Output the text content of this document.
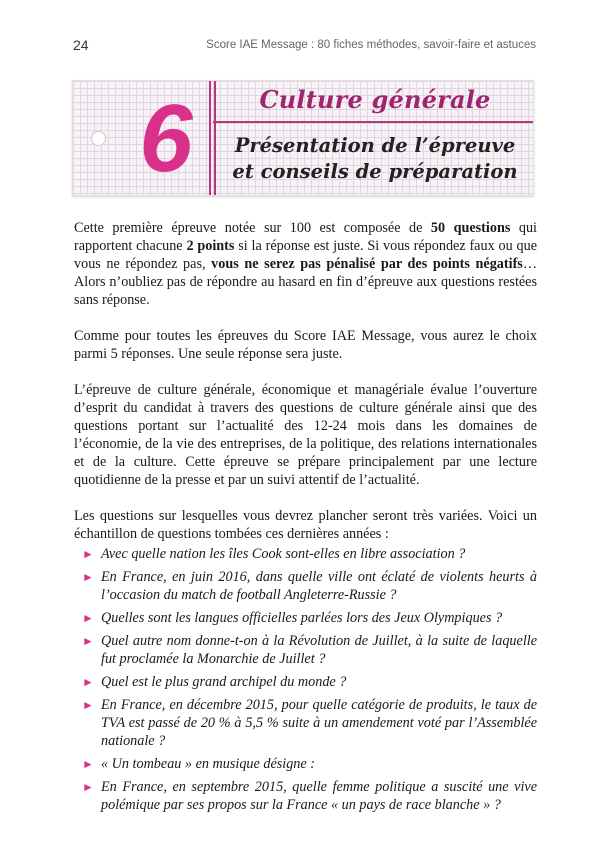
24	Score IAE Message : 80 fiches méthodes, savoir-faire et astuces
6	Culture générale
Présentation de l’épreuve
et conseils de préparation

Cette première épreuve notée sur 100 est composée de 50 questions qui rapportent chacune 2 points si la réponse est juste. Si vous répondez faux ou que vous ne répondez pas, vous ne serez pas pénalisé par des points négatifs… Alors n’oubliez pas de répondre au hasard en fin d’épreuve aux questions restées sans réponse.

Comme pour toutes les épreuves du Score IAE Message, vous aurez le choix parmi 5 réponses. Une seule réponse sera juste.

L’épreuve de culture générale, économique et managériale évalue l’ouverture d’esprit du candidat à travers des questions de culture générale ainsi que des questions portant sur l’actualité des 12-24 mois dans les domaines de l’économie, de la vie des entreprises, de la politique, des relations internationales et de la culture. Cette épreuve se prépare principalement par une lecture quotidienne de la presse et par un suivi attentif de l’actualité.

Les questions sur lesquelles vous devrez plancher seront très variées. Voici un échantillon de questions tombées ces dernières années :

► Avec quelle nation les îles Cook sont-elles en libre association ?
► En France, en juin 2016, dans quelle ville ont éclaté de violents heurts à l’occasion du match de football Angleterre-Russie ?
► Quelles sont les langues officielles parlées lors des Jeux Olympiques ?
► Quel autre nom donne-t-on à la Révolution de Juillet, à la suite de laquelle fut proclamée la Monarchie de Juillet ?
► Quel est le plus grand archipel du monde ?
► En France, en décembre 2015, pour quelle catégorie de produits, le taux de TVA est passé de 20 % à 5,5 % suite à un amendement voté par l’Assemblée nationale ?
► « Un tombeau » en musique désigne :
► En France, en septembre 2015, quelle femme politique a suscité une vive polémique par ses propos sur la France « un pays de race blanche » ?
